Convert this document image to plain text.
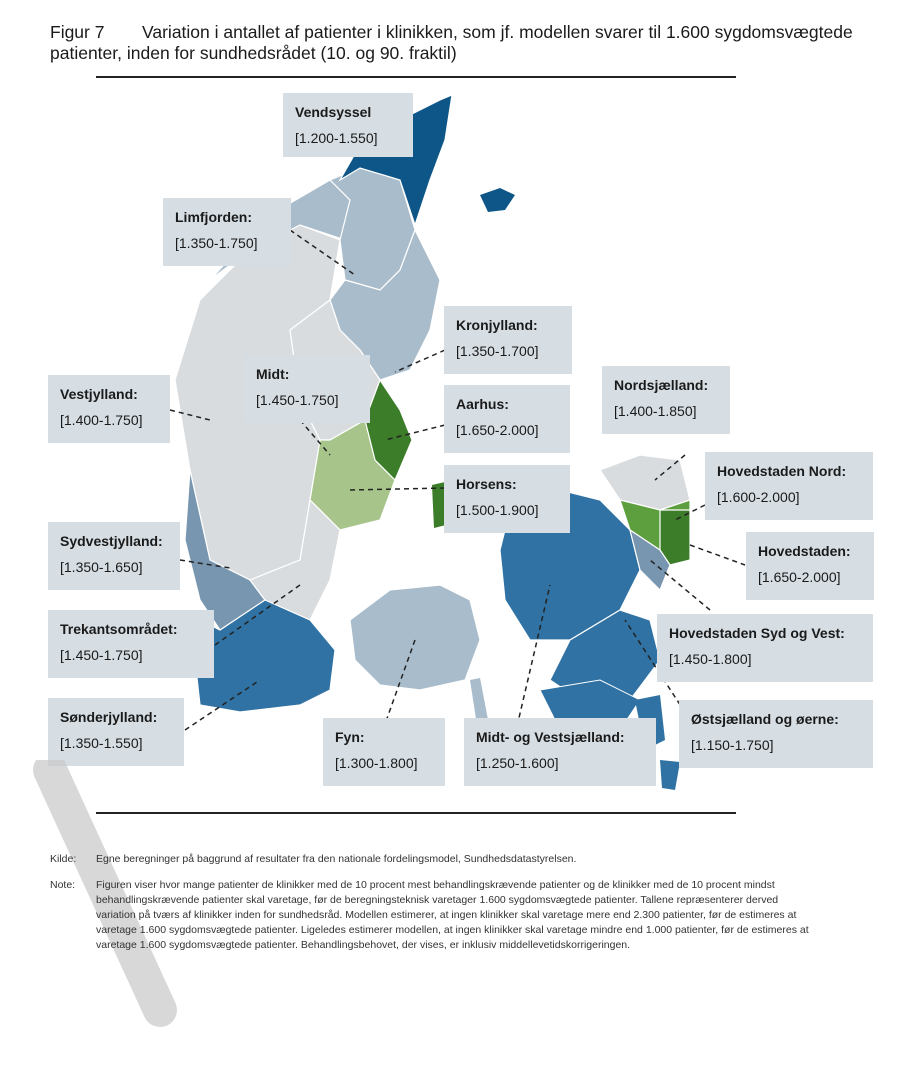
Figur 7 Variation i antallet af patienter i klinikken, som jf. modellen svarer til 1.600 sygdomsvægtede patienter, inden for sundhedsrådet (10. og 90. fraktil)
Vendsyssel
[1.200-1.550]
Limfjorden:
[1.350-1.750]
Kronjylland:
[1.350-1.700]
Vestjylland:
[1.400-1.750]
Midt:
[1.450-1.750]	Aarhus:
[1.650-2.000]
Nordsjælland:
[1.400-1.850]
Horsens:
[1.500-1.900]
Hovedstaden Nord:
[1.600-2.000]
Sydvestjylland:
[1.350-1.650]
Hovedstaden:
[1.650-2.000]
Trekantsområdet:
[1.450-1.750]
Hovedstaden Syd og Vest:
[1.450-1.800]
Sønderjylland:
[1.350-1.550]	Fyn:
[1.300-1.800]
Midt- og Vestsjælland:
[1.250-1.600]
Østsjælland og øerne:
[1.150-1.750]
Kilde:	Egne beregninger på baggrund af resultater fra den nationale fordelingsmodel, Sundhedsdatastyrelsen.
Note:	Figuren viser hvor mange patienter de klinikker med de 10 procent mest behandlingskrævende patienter og de klinikker med de 10 procent mindst behandlingskrævende patienter skal varetage, før de beregningsteknisk varetager 1.600 sygdomsvægtede patienter. Tallene repræsenterer derved variation på tværs af klinikker inden for sundhedsråd. Modellen estimerer, at ingen klinikker skal varetage mere end 2.300 patienter, før de estimeres at varetage 1.600 sygdomsvægtede patienter. Ligeledes estimerer modellen, at ingen klinikker skal varetage mindre end 1.000 patienter, før de estimeres at varetage 1.600 sygdomsvægtede patienter. Behandlingsbehovet, der vises, er inklusiv middellevetidskorrigeringen.
